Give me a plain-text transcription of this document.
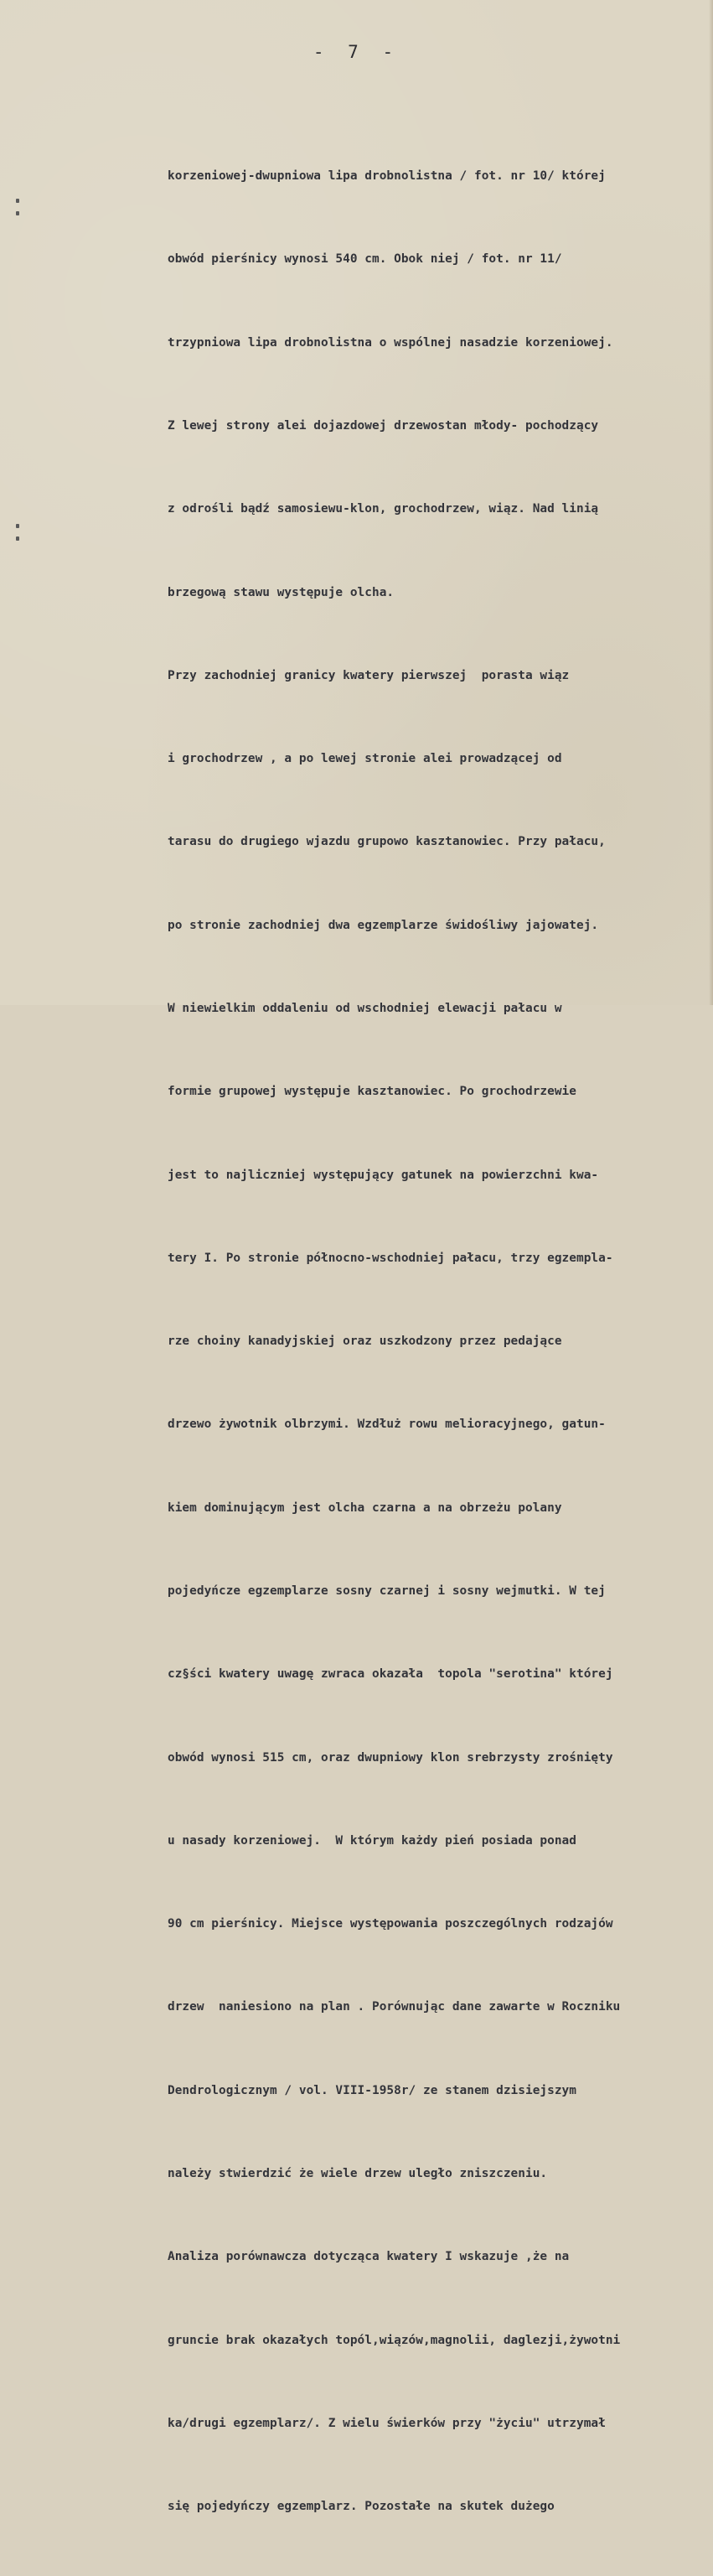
- 7 -

korzeniowej-dwupniowa lipa drobnolistna / fot. nr 10/ której

obwód pierśnicy wynosi 540 cm. Obok niej / fot. nr 11/

trzypniowa lipa drobnolistna o wspólnej nasadzie korzeniowej.

Z lewej strony alei dojazdowej drzewostan młody- pochodzący

z odrośli bądź samosiewu-klon, grochodrzew, wiąz. Nad linią

brzegową stawu występuje olcha.

Przy zachodniej granicy kwatery pierwszej  porasta wiąz

i grochodrzew , a po lewej stronie alei prowadzącej od

tarasu do drugiego wjazdu grupowo kasztanowiec. Przy pałacu,

po stronie zachodniej dwa egzemplarze świdośliwy jajowatej.

W niewielkim oddaleniu od wschodniej elewacji pałacu w

formie grupowej występuje kasztanowiec. Po grochodrzewie

jest to najliczniej występujący gatunek na powierzchni kwa-

tery I. Po stronie północno-wschodniej pałacu, trzy egzempla-

rze choiny kanadyjskiej oraz uszkodzony przez pedające

drzewo żywotnik olbrzymi. Wzdłuż rowu melioracyjnego, gatun-

kiem dominującym jest olcha czarna a na obrzeżu polany

pojedyńcze egzemplarze sosny czarnej i sosny wejmutki. W tej

cz§ści kwatery uwagę zwraca okazała  topola "serotina" której

obwód wynosi 515 cm, oraz dwupniowy klon srebrzysty zrośnięty

u nasady korzeniowej.  W którym każdy pień posiada ponad

90 cm pierśnicy. Miejsce występowania poszczególnych rodzajów

drzew  naniesiono na plan . Porównując dane zawarte w Roczniku

Dendrologicznym / vol. VIII-1958r/ ze stanem dzisiejszym

należy stwierdzić że wiele drzew uległo zniszczeniu.

Analiza porównawcza dotycząca kwatery I wskazuje ,że na

gruncie brak okazałych topól,wiązów,magnolii, daglezji,żywotni

ka/drugi egzemplarz/. Z wielu świerków przy "życiu" utrzymał

się pojedyńczy egzemplarz. Pozostałe na skutek dużego
